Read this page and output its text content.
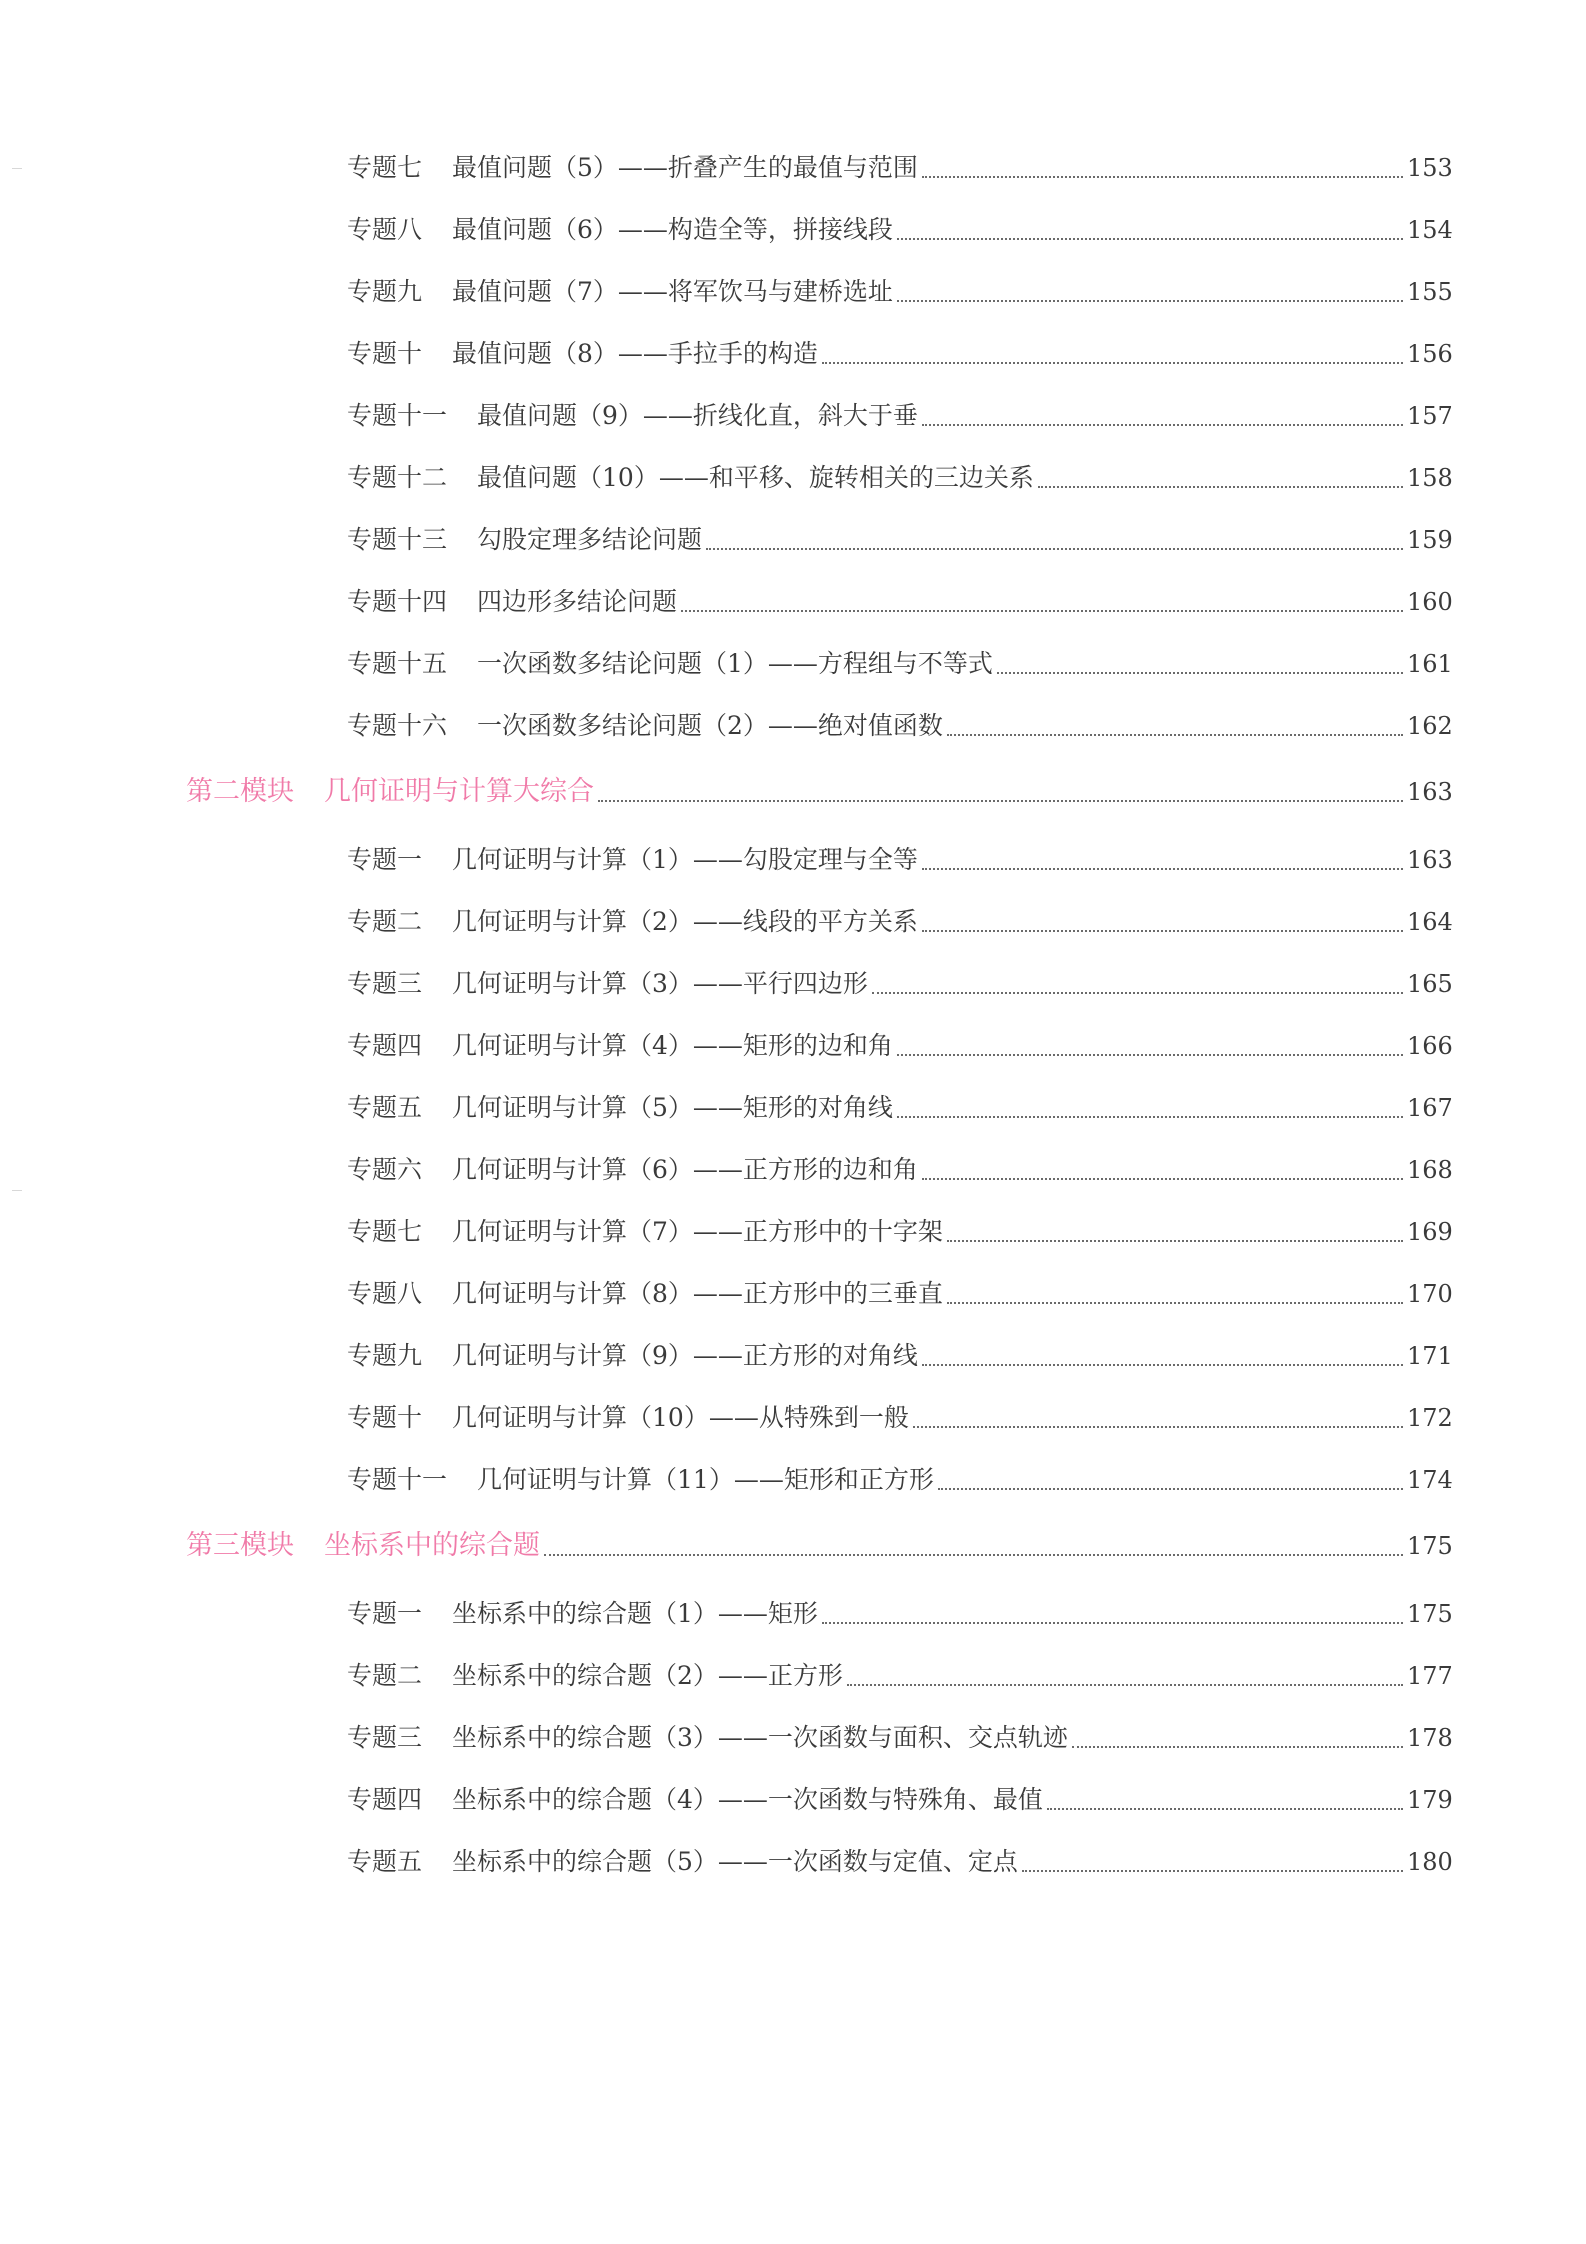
专题七 最值问题（5）——折叠产生的最值与范围	153
专题八 最值问题（6）——构造全等，拼接线段	154
专题九 最值问题（7）——将军饮马与建桥选址	155
专题十 最值问题（8）——手拉手的构造	156
专题十一 最值问题（9）——折线化直，斜大于垂	157
专题十二 最值问题（10）——和平移、旋转相关的三边关系	158
专题十三 勾股定理多结论问题	159
专题十四 四边形多结论问题	160
专题十五 一次函数多结论问题（1）——方程组与不等式	161
专题十六 一次函数多结论问题（2）——绝对值函数	162
第二模块 几何证明与计算大综合	163
专题一 几何证明与计算（1）——勾股定理与全等	163
专题二 几何证明与计算（2）——线段的平方关系	164
专题三 几何证明与计算（3）——平行四边形	165
专题四 几何证明与计算（4）——矩形的边和角	166
专题五 几何证明与计算（5）——矩形的对角线	167
专题六 几何证明与计算（6）——正方形的边和角	168
专题七 几何证明与计算（7）——正方形中的十字架	169
专题八 几何证明与计算（8）——正方形中的三垂直	170
专题九 几何证明与计算（9）——正方形的对角线	171
专题十 几何证明与计算（10）——从特殊到一般	172
专题十一 几何证明与计算（11）——矩形和正方形	174
第三模块 坐标系中的综合题	175
专题一 坐标系中的综合题（1）——矩形	175
专题二 坐标系中的综合题（2）——正方形	177
专题三 坐标系中的综合题（3）——一次函数与面积、交点轨迹	178
专题四 坐标系中的综合题（4）——一次函数与特殊角、最值	179
专题五 坐标系中的综合题（5）——一次函数与定值、定点	180
